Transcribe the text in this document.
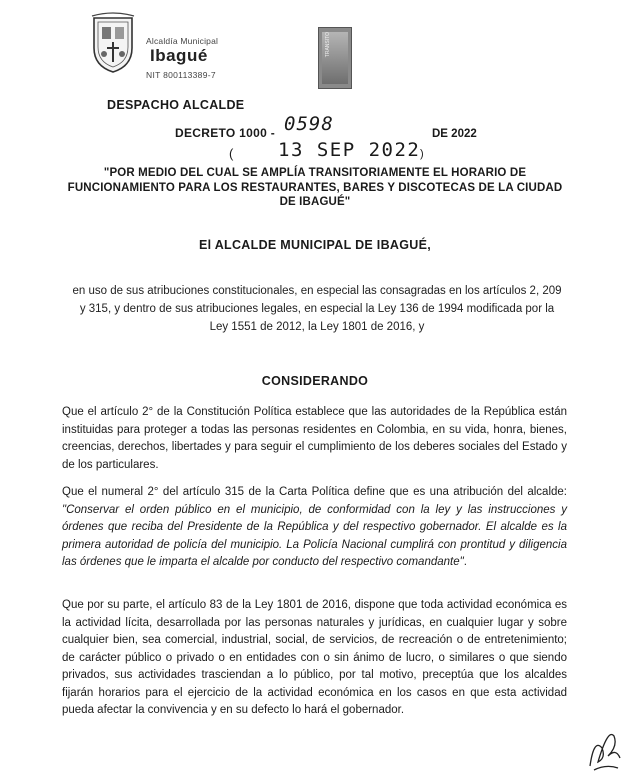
Alcaldía Municipal
Ibagué
NIT 800113389-7
TRANSITO
DESPACHO ALCALDE
DECRETO 1000 - 0598	DE 2022
( 13 SEP 2022 )
"POR MEDIO DEL CUAL SE AMPLÍA TRANSITORIAMENTE EL HORARIO DE FUNCIONAMIENTO PARA LOS RESTAURANTES, BARES Y DISCOTECAS DE LA CIUDAD DE IBAGUÉ"
El ALCALDE MUNICIPAL DE IBAGUÉ,
en uso de sus atribuciones constitucionales, en especial las consagradas en los artículos 2, 209 y 315, y dentro de sus atribuciones legales, en especial la Ley 136 de 1994 modificada por la Ley 1551 de 2012, la Ley 1801 de 2016, y
CONSIDERANDO
Que el artículo 2° de la Constitución Política establece que las autoridades de la República están instituidas para proteger a todas las personas residentes en Colombia, en su vida, honra, bienes, creencias, derechos, libertades y para seguir el cumplimiento de los deberes sociales del Estado y de los particulares.
Que el numeral 2° del artículo 315 de la Carta Política define que es una atribución del alcalde: "Conservar el orden público en el municipio, de conformidad con la ley y las instrucciones y órdenes que reciba del Presidente de la República y del respectivo gobernador. El alcalde es la primera autoridad de policía del municipio. La Policía Nacional cumplirá con prontitud y diligencia las órdenes que le imparta el alcalde por conducto del respectivo comandante".
Que por su parte, el artículo 83 de la Ley 1801 de 2016, dispone que toda actividad económica es la actividad lícita, desarrollada por las personas naturales y jurídicas, en cualquier lugar y sobre cualquier bien, sea comercial, industrial, social, de servicios, de recreación o de entretenimiento; de carácter público o privado o en entidades con o sin ánimo de lucro, o similares o que siendo privados, sus actividades trasciendan a lo público, por tal motivo, preceptúa que los alcaldes fijarán horarios para el ejercicio de la actividad económica en los casos en que esta actividad pueda afectar la convivencia y en su defecto lo hará el gobernador.
